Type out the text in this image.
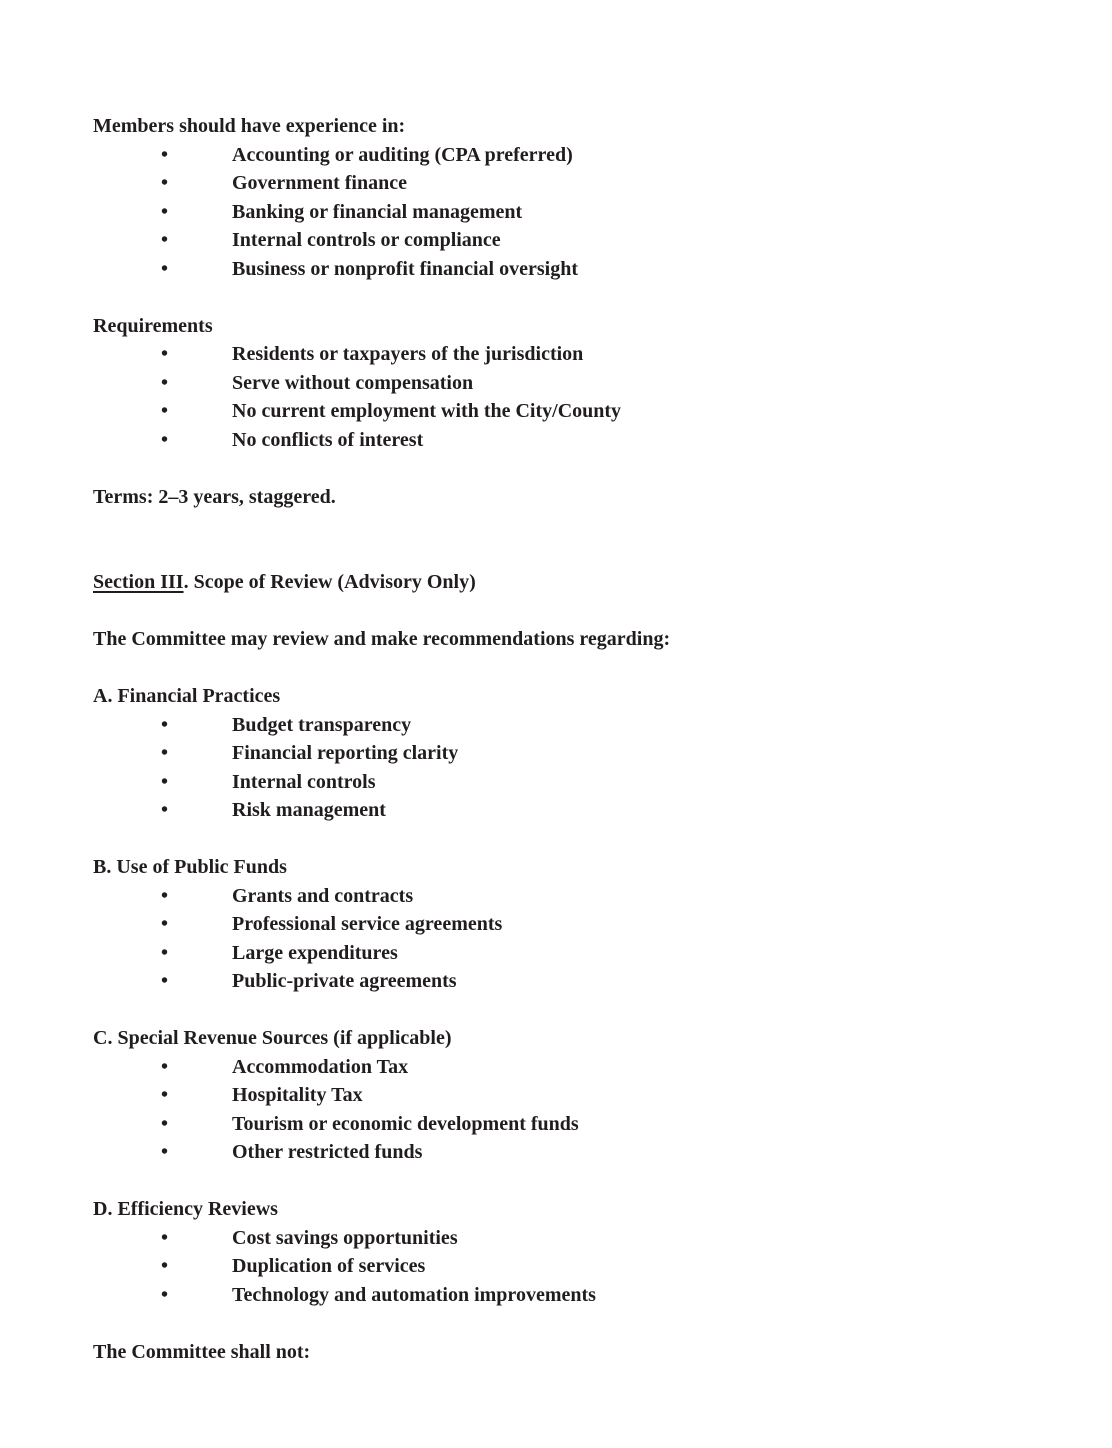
Members should have experience in:

•	Accounting or auditing (CPA preferred)
•	Government finance
•	Banking or financial management
•	Internal controls or compliance
•	Business or nonprofit financial oversight

Requirements

•	Residents or taxpayers of the jurisdiction
•	Serve without compensation
•	No current employment with the City/County
•	No conflicts of interest

Terms: 2–3 years, staggered.

Section III. Scope of Review (Advisory Only)

The Committee may review and make recommendations regarding:

A. Financial Practices

•	Budget transparency
•	Financial reporting clarity
•	Internal controls
•	Risk management

B. Use of Public Funds

•	Grants and contracts
•	Professional service agreements
•	Large expenditures
•	Public-private agreements

C. Special Revenue Sources (if applicable)

•	Accommodation Tax
•	Hospitality Tax
•	Tourism or economic development funds
•	Other restricted funds

D. Efficiency Reviews

•	Cost savings opportunities
•	Duplication of services
•	Technology and automation improvements

The Committee shall not:
